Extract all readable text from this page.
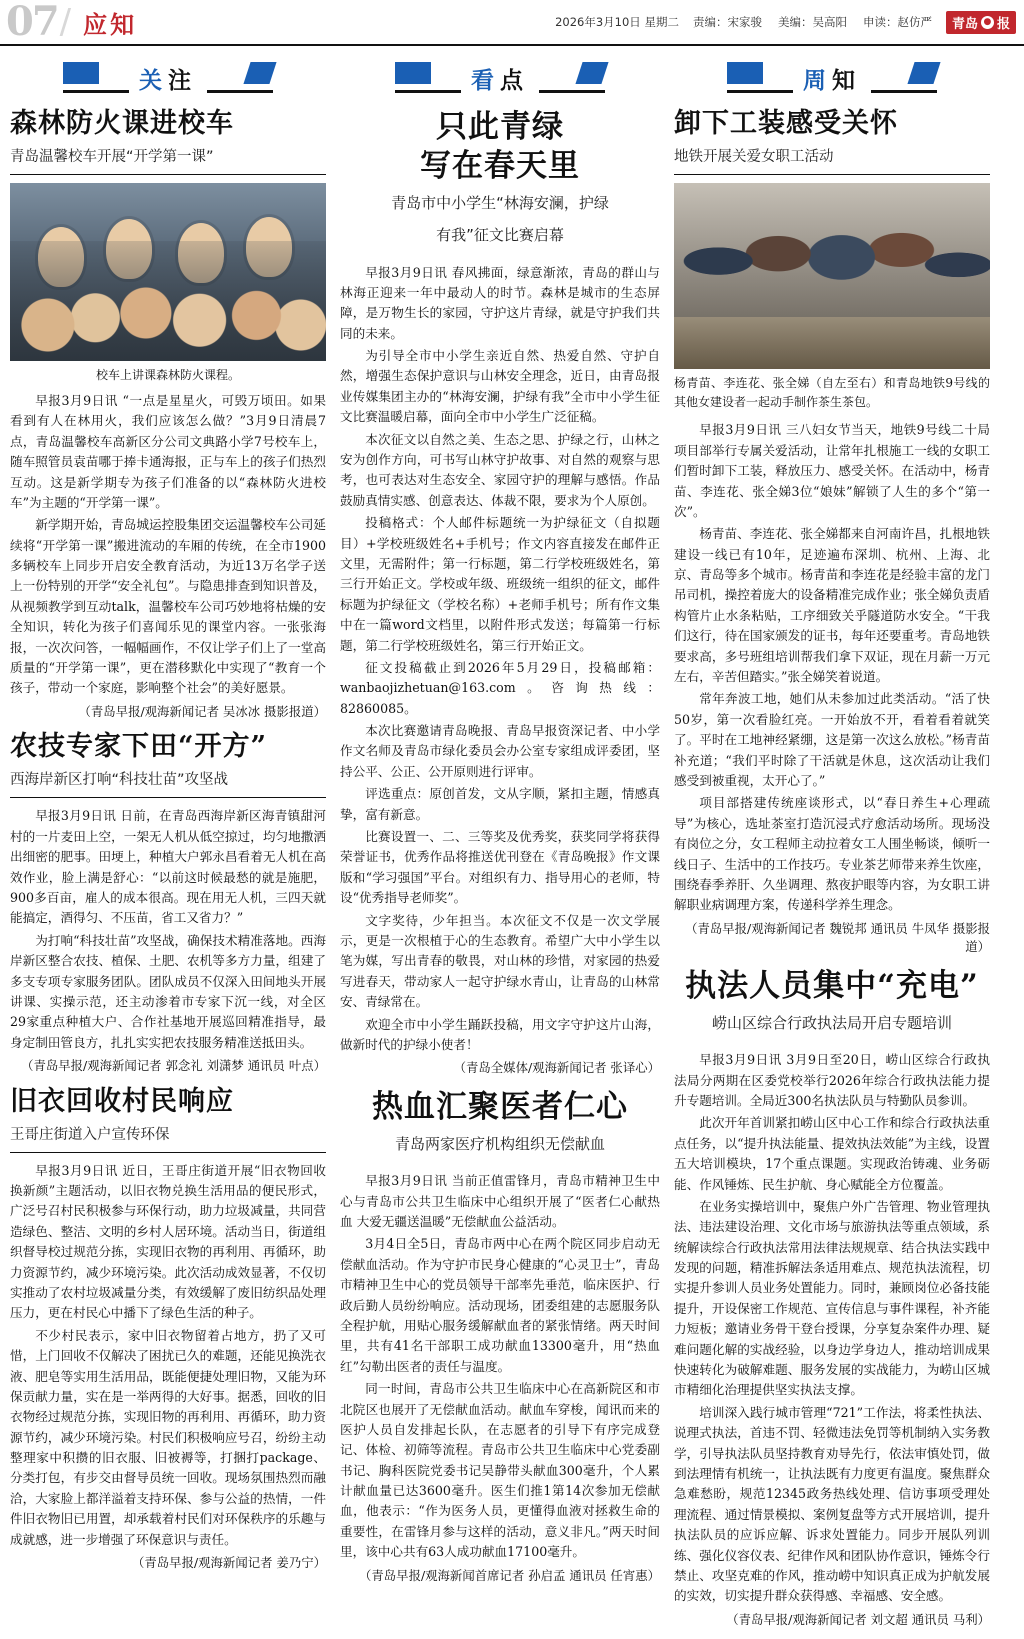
07 / 应知	2026年3月10日 星期二 责编：宋家骏 美编：吴高阳 申读：赵仿严 青岛 ● 报
关注
森林防火课进校车
青岛温馨校车开展“开学第一课”
校车上讲课森林防火课程。

早报3月9日讯 “一点是星星火，可毁万顷田。如果看到有人在林用火，我们应该怎么做？”3月9日清晨7点，青岛温馨校车高新区分公司文典路小学7号校车上，随车照管员袁苗哪于捧卡通海报，正与车上的孩子们热烈互动。这是新学期专为孩子们准备的以“森林防火进校车”为主题的“开学第一课”。

新学期开始，青岛城运控股集团交运温馨校车公司延续将“开学第一课”搬进流动的车厢的传统，在全市1900多辆校车上同步开启安全教育活动，为近13万名学子送上一份特别的开学“安全礼包”。与隐患排查到知识普及，从视频教学到互动talk，温馨校车公司巧妙地将枯燥的安全知识，转化为孩子们喜闻乐见的课堂内容。一张张海报，一次次问答，一幅幅画作，不仅让学子们上了一堂高质量的“开学第一课”，更在潜移默化中实现了“教育一个孩子，带动一个家庭，影响整个社会”的美好愿景。

（青岛早报/观海新闻记者 吴冰冰 摄影报道）
农技专家下田“开方”
西海岸新区打响“科技壮苗”攻坚战

早报3月9日讯 日前，在青岛西海岸新区海青镇甜河村的一片麦田上空，一架无人机从低空掠过，均匀地撒洒出细密的肥事。田埂上，种植大户郭永昌看着无人机在高效作业，脸上满是舒心：“以前这时候最愁的就是施肥，900多百亩，雇人的成本很高。现在用无人机，三四天就能搞定，酒得匀、不压苗，省工又省力？”

为打响“科技壮苗”攻坚战，确保技术精准落地。西海岸新区整合农技、植保、土肥、农机等多方力量，组建了多支专项专家服务团队。团队成员不仅深入田间地头开展讲课、实操示范，还主动渗着市专家下沉一线，对全区29家重点种植大户、合作社基地开展巡回精准指导，最身定制田管良方，扎扎实实把农技服务精准送抵田头。

（青岛早报/观海新闻记者 郭念礼 刘潇梦 通讯员 叶点）
旧衣回收村民响应
王哥庄街道入户宣传环保

早报3月9日讯 近日，王哥庄街道开展“旧衣物回收换新颜”主题活动，以旧衣物兑换生活用品的便民形式，广泛号召村民积极参与环保行动，助力垃圾减量，共同营造绿色、整洁、文明的乡村人居环境。活动当日，街道组织督导校过规范分拣，实现旧衣物的再利用、再循环，助力资源节约，减少环境污染。此次活动成效显著，不仅切实推动了农村垃圾减量分类，有效缓解了废旧纺织品处理压力，更在村民心中播下了绿色生活的种子。

不少村民表示，家中旧衣物留着占地方，扔了又可惜，上门回收不仅解决了困扰已久的难题，还能见换洗衣液、肥皂等实用生活用品，既能便捷处理旧物，又能为环保贡献力量，实在是一举两得的大好事。据悉，回收的旧衣物经过规范分拣，实现旧物的再利用、再循环，助力资源节约，减少环境污染。村民们积极响应号召，纷纷主动整理家中积攒的旧衣服、旧被褥等，打捆打package、分类打包，有步交由督导员统一回收。现场氛围热烈而融洽，大家脸上都洋溢着支持环保、参与公益的热情，一件件旧衣物旧已用置，却承载着村民们对环保秩序的乐趣与成就感，进一步增强了环保意识与责任。

（青岛早报/观海新闻记者 姜乃宁）
看点
只此青绿
写在春天里
青岛市中小学生“林海安澜，护绿
有我”征文比赛启幕

早报3月9日讯 春风拂面，绿意渐浓，青岛的群山与林海正迎来一年中最动人的时节。森林是城市的生态屏障，是万物生长的家园，守护这片青绿，就是守护我们共同的未来。

为引导全市中小学生亲近自然、热爱自然、守护自然，增强生态保护意识与山林安全理念，近日，由青岛报业传媒集团主办的“林海安澜，护绿有我”全市中小学生征文比赛温暖启幕，面向全市中小学生广泛征稿。

本次征文以自然之美、生态之思、护绿之行，山林之安为创作方向，可书写山林守护故事、对自然的观察与思考，也可表达对生态安全、家园守护的理解与感悟。作品鼓励真情实感、创意表达、体裁不限，要求为个人原创。

投稿格式：个人邮件标题统一为护绿征文（自拟题目）+学校班级姓名+手机号；作文内容直接发在邮件正文里，无需附件；第一行标题，第二行学校班级姓名，第三行开始正文。学校或年级、班级统一组织的征文，邮件标题为护绿征文（学校名称）+老师手机号；所有作文集中在一篇word文档里，以附件形式发送；每篇第一行标题，第二行学校班级姓名，第三行开始正文。

征文投稿截止到2026年5月29日，投稿邮箱：wanbaojizhetuan@163.com。咨询热线：82860085。

本次比赛邀请青岛晚报、青岛早报资深记者、中小学作文名师及青岛市绿化委员会办公室专家组成评委团，坚持公平、公正、公开原则进行评审。

评选重点：原创首发，文从字顺，紧扣主题，情感真挚，富有新意。

比赛设置一、二、三等奖及优秀奖，获奖同学将获得荣誉证书，优秀作品将推送优刊登在《青岛晚报》作文课版和“学习强国”平台。对组织有力、指导用心的老师，特设“优秀指导老师奖”。

文字奖待，少年担当。本次征文不仅是一次文学展示，更是一次根植于心的生态教育。希望广大中小学生以笔为媒，写出青春的敬畏，对山林的珍惜，对家园的热爱写进春天，带动家人一起守护绿水青山，让青岛的山林常安、青绿常在。

欢迎全市中小学生踊跃投稿，用文字守护这片山海，做新时代的护绿小使者！

（青岛全媒体/观海新闻记者 张译心）
热血汇聚医者仁心
青岛两家医疗机构组织无偿献血

早报3月9日讯 当前正值雷锋月，青岛市精神卫生中心与青岛市公共卫生临床中心组织开展了“医者仁心献热血 大爱无疆送温暖”无偿献血公益活动。

3月4日全5日，青岛市两中心在两个院区同步启动无偿献血活动。作为守护市民身心健康的“心灵卫士”，青岛市精神卫生中心的党员领导干部率先垂范，临床医护、行政后勤人员纷纷响应。活动现场，团委组建的志愿服务队全程护航，用贴心服务缓解献血者的紧张情绪。两天时间里，共有41名干部职工成功献血13300毫升，用“热血红”勾勒出医者的责任与温度。

同一时间，青岛市公共卫生临床中心在高新院区和市北院区也展开了无偿献血活动。献血车穿梭，闻讯而来的医护人员自发排起长队，在志愿者的引导下有序完成登记、体检、初筛等流程。青岛市公共卫生临床中心党委副书记、胸科医院党委书记吴静带头献血300毫升，个人累计献血量已达3600毫升。医生们推1第14次参加无偿献血，他表示：“作为医务人员，更懂得血液对拯救生命的重要性，在雷锋月参与这样的活动，意义非凡。”两天时间里，该中心共有63人成功献血17100毫升。

（青岛早报/观海新闻首席记者 孙启孟 通讯员 任宵惠）
周知
卸下工装感受关怀
地铁开展关爱女职工活动
杨青苗、李连花、张全娣（自左至右）和青岛地铁9号线的其他女建设者一起动手制作茶生茶包。

早报3月9日讯 三八妇女节当天，地铁9号线二十局项目部举行专属关爱活动，让常年扎根施工一线的女职工们暂时卸下工装，释放压力、感受关怀。在活动中，杨青苗、李连花、张全娣3位“娘妹”解锁了人生的多个“第一次”。

杨青苗、李连花、张全娣都来自河南许昌，扎根地铁建设一线已有10年，足迹遍布深圳、杭州、上海、北京、青岛等多个城市。杨青苗和李连花是经验丰富的龙门吊司机，操控着庞大的设备精准完成作业；张全娣负责盾构管片止水条粘贴，工序细致关乎隧道防水安全。“干我们这行，待在国家颁发的证书，每年还要重考。青岛地铁要求高，多号班组培训帮我们拿下双证，现在月薪一万元左右，辛苦但踏实。”张全娣笑着说道。

常年奔波工地，她们从未参加过此类活动。“活了快50岁，第一次看脸红亮。一开始放不开，看着看着就笑了。平时在工地神经紧绷，这是第一次这么放松。”杨青苗补充道；“我们平时除了干活就是休息，这次活动让我们感受到被重视，太开心了。”

项目部搭建传统座谈形式，以“春日养生+心理疏导”为核心，选址茶室打造沉浸式疗愈活动场所。现场没有岗位之分，女工程师主动拉着女工人围坐畅谈，倾听一线日子、生活中的工作技巧。专业茶艺师带来养生饮座，围绕春季养肝、久坐调理、熬夜护眼等内容，为女职工讲解职业病调理方案，传递科学养生理念。

（青岛早报/观海新闻记者 魏锐邦 通讯员 牛凤华 摄影报道）
执法人员集中“充电”
崂山区综合行政执法局开启专题培训

早报3月9日讯 3月9日至20日，崂山区综合行政执法局分两期在区委党校举行2026年综合行政执法能力提升专题培训。全局近300名执法队员与特勤队员参训。

此次开年首训紧扣崂山区中心工作和综合行政执法重点任务，以“提升执法能量、提效执法效能”为主线，设置五大培训模块，17个重点课题。实现政治铸魂、业务砺能、作风锤炼、民生护航、身心赋能全方位覆盖。

在业务实操培训中，聚焦户外广告管理、物业管理执法、违法建设治理、文化市场与旅游执法等重点领域，系统解读综合行政执法常用法律法规规章、结合执法实践中发现的问题，精准拆解法条适用难点、规范执法流程，切实提升参训人员业务处置能力。同时，兼顾岗位必备技能提升，开设保密工作规范、宣传信息与事件课程，补齐能力短板；邀请业务骨干登台授课，分享复杂案件办理、疑难问题化解的实战经验，以身边学身边人，推动培训成果快速转化为破解难题、服务发展的实战能力，为崂山区城市精细化治理提供坚实执法支撑。

培训深入践行城市管理“721”工作法，将柔性执法、说理式执法，首违不罚、轻微违法免罚等机制纳入实务教学，引导执法队员坚持教育劝导先行，依法审慎处罚，做到法理情有机统一，让执法既有力度更有温度。聚焦群众急难愁盼，规范12345政务热线处理、信访事项受理处理流程、通过情景模拟、案例复盘等方式开展培训，提升执法队员的应诉应解、诉求处置能力。同步开展队列训练、强化仪容仪表、纪律作风和团队协作意识，锤炼令行禁止、攻坚克难的作风，推动崂中知识真正成为护航发展的实效，切实提升群众获得感、幸福感、安全感。

（青岛早报/观海新闻记者 刘文超 通讯员 马利）
